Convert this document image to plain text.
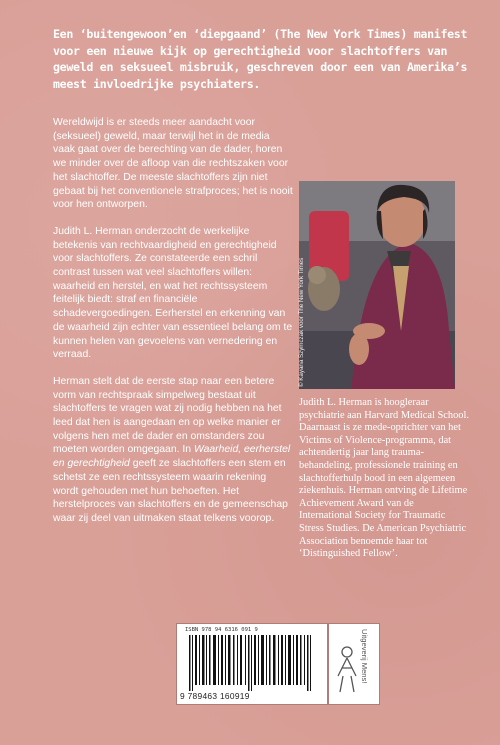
Een ‘buitengewoon’en ‘diepgaand’ (The New York Times) manifest voor een nieuwe kijk op gerechtigheid voor slachtoffers van geweld en seksueel misbruik, geschreven door een van Amerika’s meest invloedrijke psychiaters.

Wereldwijd is er steeds meer aandacht voor (seksueel) geweld, maar terwijl het in de media vaak gaat over de berechting van de dader, horen we minder over de afloop van die rechtszaken voor het slachtoffer. De meeste slachtoffers zijn niet gebaat bij het conventionele strafproces; het is nooit voor hen ontworpen.

Judith L. Herman onderzocht de werkelijke betekenis van rechtvaardigheid en gerechtigheid voor slachtoffers. Ze constateerde een schril contrast tussen wat veel slachtoffers willen: waarheid en herstel, en wat het rechtssysteem feitelijk biedt: straf en financiële schadevergoedingen. Eerherstel en erkenning van de waarheid zijn echter van essentieel belang om te kunnen helen van gevoelens van vernedering en verraad.

Herman stelt dat de eerste stap naar een betere vorm van rechtspraak simpelweg bestaat uit slachtoffers te vragen wat zij nodig hebben na het leed dat hen is aangedaan en op welke manier er volgens hen met de dader en omstanders zou moeten worden omgegaan. In Waarheid, eerherstel en gerechtigheid geeft ze slachtoffers een stem en schetst ze een rechtssysteem waarin rekening wordt gehouden met hun behoeften. Het herstelproces van slachtoffers en de gemeenschap waar zij deel van uitmaken staat telkens voorop.

© Kayana Szymczak voor The New York Times
Judith L. Herman is hoogleraar psychiatrie aan Harvard Medical School. Daarnaast is ze mede-oprichter van het Victims of Violence-programma, dat achtendertig jaar lang trauma-behandeling, professionele training en slachtofferhulp bood in een algemeen ziekenhuis. Herman ontving de Lifetime Achievement Award van de International Society for Traumatic Stress Studies. De American Psychiatric Association benoemde haar tot ‘Distinguished Fellow’.
ISBN 978 94 6316 091 9
9 789463 160919
Uitgeverij Mens!
